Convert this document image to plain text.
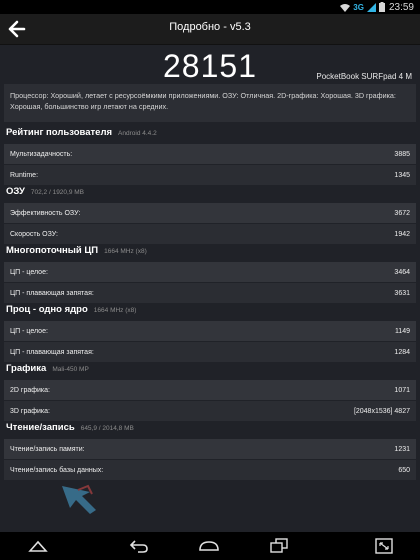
3G	23:59
Подробно - v5.3
28151	PocketBook SURFpad 4 M
Процессор: Хороший, летает с ресурсоёмкими приложениями. ОЗУ: Отличная. 2D-графика: Хорошая. 3D графика: Хорошая, большинство игр летают на средних.
Рейтинг пользователя Android 4.4.2
Мультизадачность:	3885
Runtime:	1345
ОЗУ 702,2 / 1920,9 MB
Эффективность ОЗУ:	3672
Скорость ОЗУ:	1942
Многопоточный ЦП 1664 MHz (x8)
ЦП - целое:	3464
ЦП - плавающая запятая:	3631
Проц - одно ядро 1664 MHz (x8)
ЦП - целое:	1149
ЦП - плавающая запятая:	1284
Графика Mali-450 MP
2D графика:	1071
3D графика:	[2048x1536] 4827
Чтение/запись 645,9 / 2014,8 MB
Чтение/запись памяти:	1231
Чтение/запись базы данных:	650
